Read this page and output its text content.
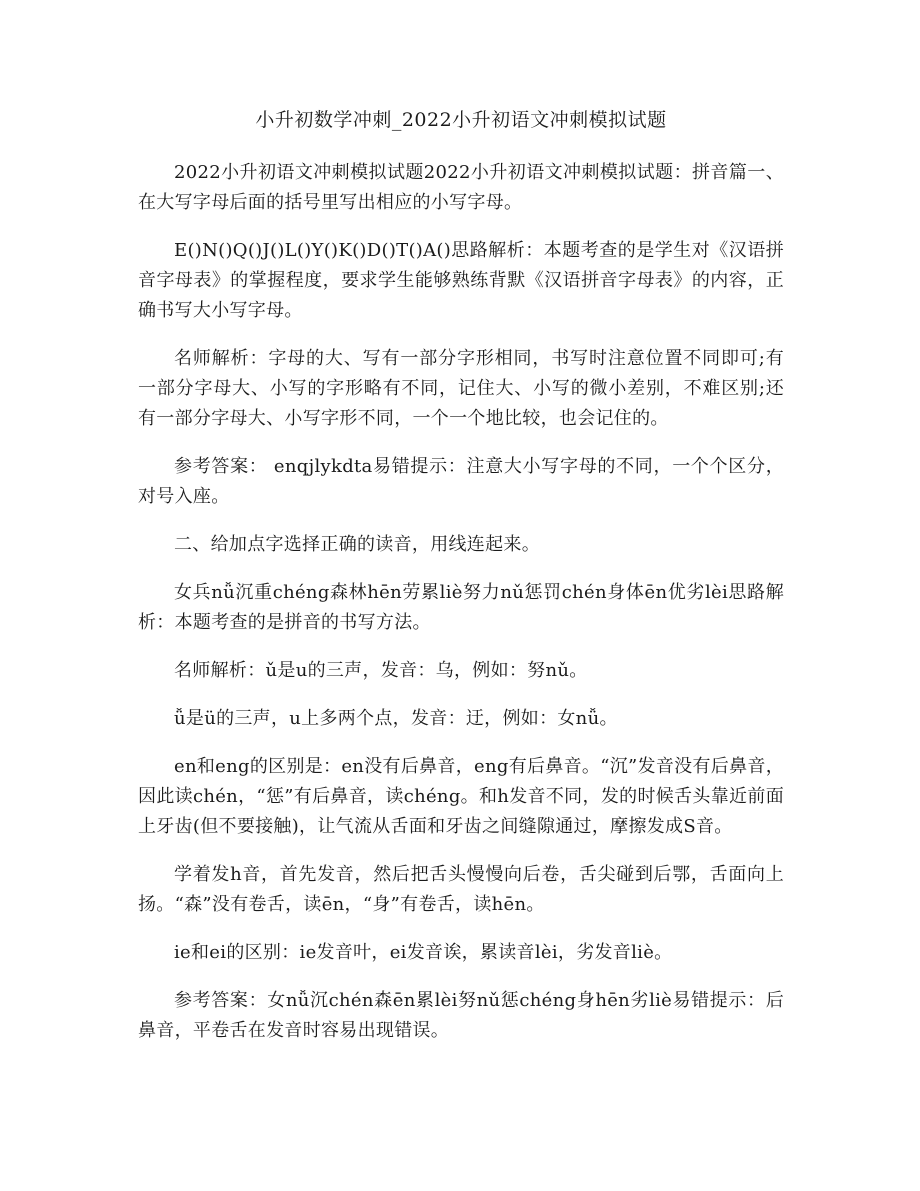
小升初数学冲刺_2022小升初语文冲刺模拟试题

2022小升初语文冲刺模拟试题2022小升初语文冲刺模拟试题：拼音篇一、在大写字母后面的括号里写出相应的小写字母。

E()N()Q()J()L()Y()K()D()T()A()思路解析：本题考查的是学生对《汉语拼音字母表》的掌握程度，要求学生能够熟练背默《汉语拼音字母表》的内容，正确书写大小写字母。

名师解析：字母的大、写有一部分字形相同，书写时注意位置不同即可;有一部分字母大、小写的字形略有不同，记住大、小写的微小差别，不难区别;还有一部分字母大、小写字形不同，一个一个地比较，也会记住的。

参考答案： enqjlykdta易错提示：注意大小写字母的不同，一个个区分，对号入座。

二、给加点字选择正确的读音，用线连起来。

女兵nǚ沉重chéng森林hēn劳累liè努力nǔ惩罚chén身体ēn优劣lèi思路解析：本题考查的是拼音的书写方法。

名师解析：ǔ是u的三声，发音：乌，例如：努nǔ。

ǚ是ü的三声，u上多两个点，发音：迂，例如：女nǚ。

en和eng的区别是：en没有后鼻音，eng有后鼻音。“沉”发音没有后鼻音，因此读chén，“惩”有后鼻音，读chéng。和h发音不同，发的时候舌头靠近前面上牙齿(但不要接触)，让气流从舌面和牙齿之间缝隙通过，摩擦发成S音。

学着发h音，首先发音，然后把舌头慢慢向后卷，舌尖碰到后鄂，舌面向上扬。“森”没有卷舌，读ēn，“身”有卷舌，读hēn。

ie和ei的区别：ie发音叶，ei发音诶，累读音lèi，劣发音liè。

参考答案：女nǚ沉chén森ēn累lèi努nǔ惩chéng身hēn劣liè易错提示：后鼻音，平卷舌在发音时容易出现错误。
